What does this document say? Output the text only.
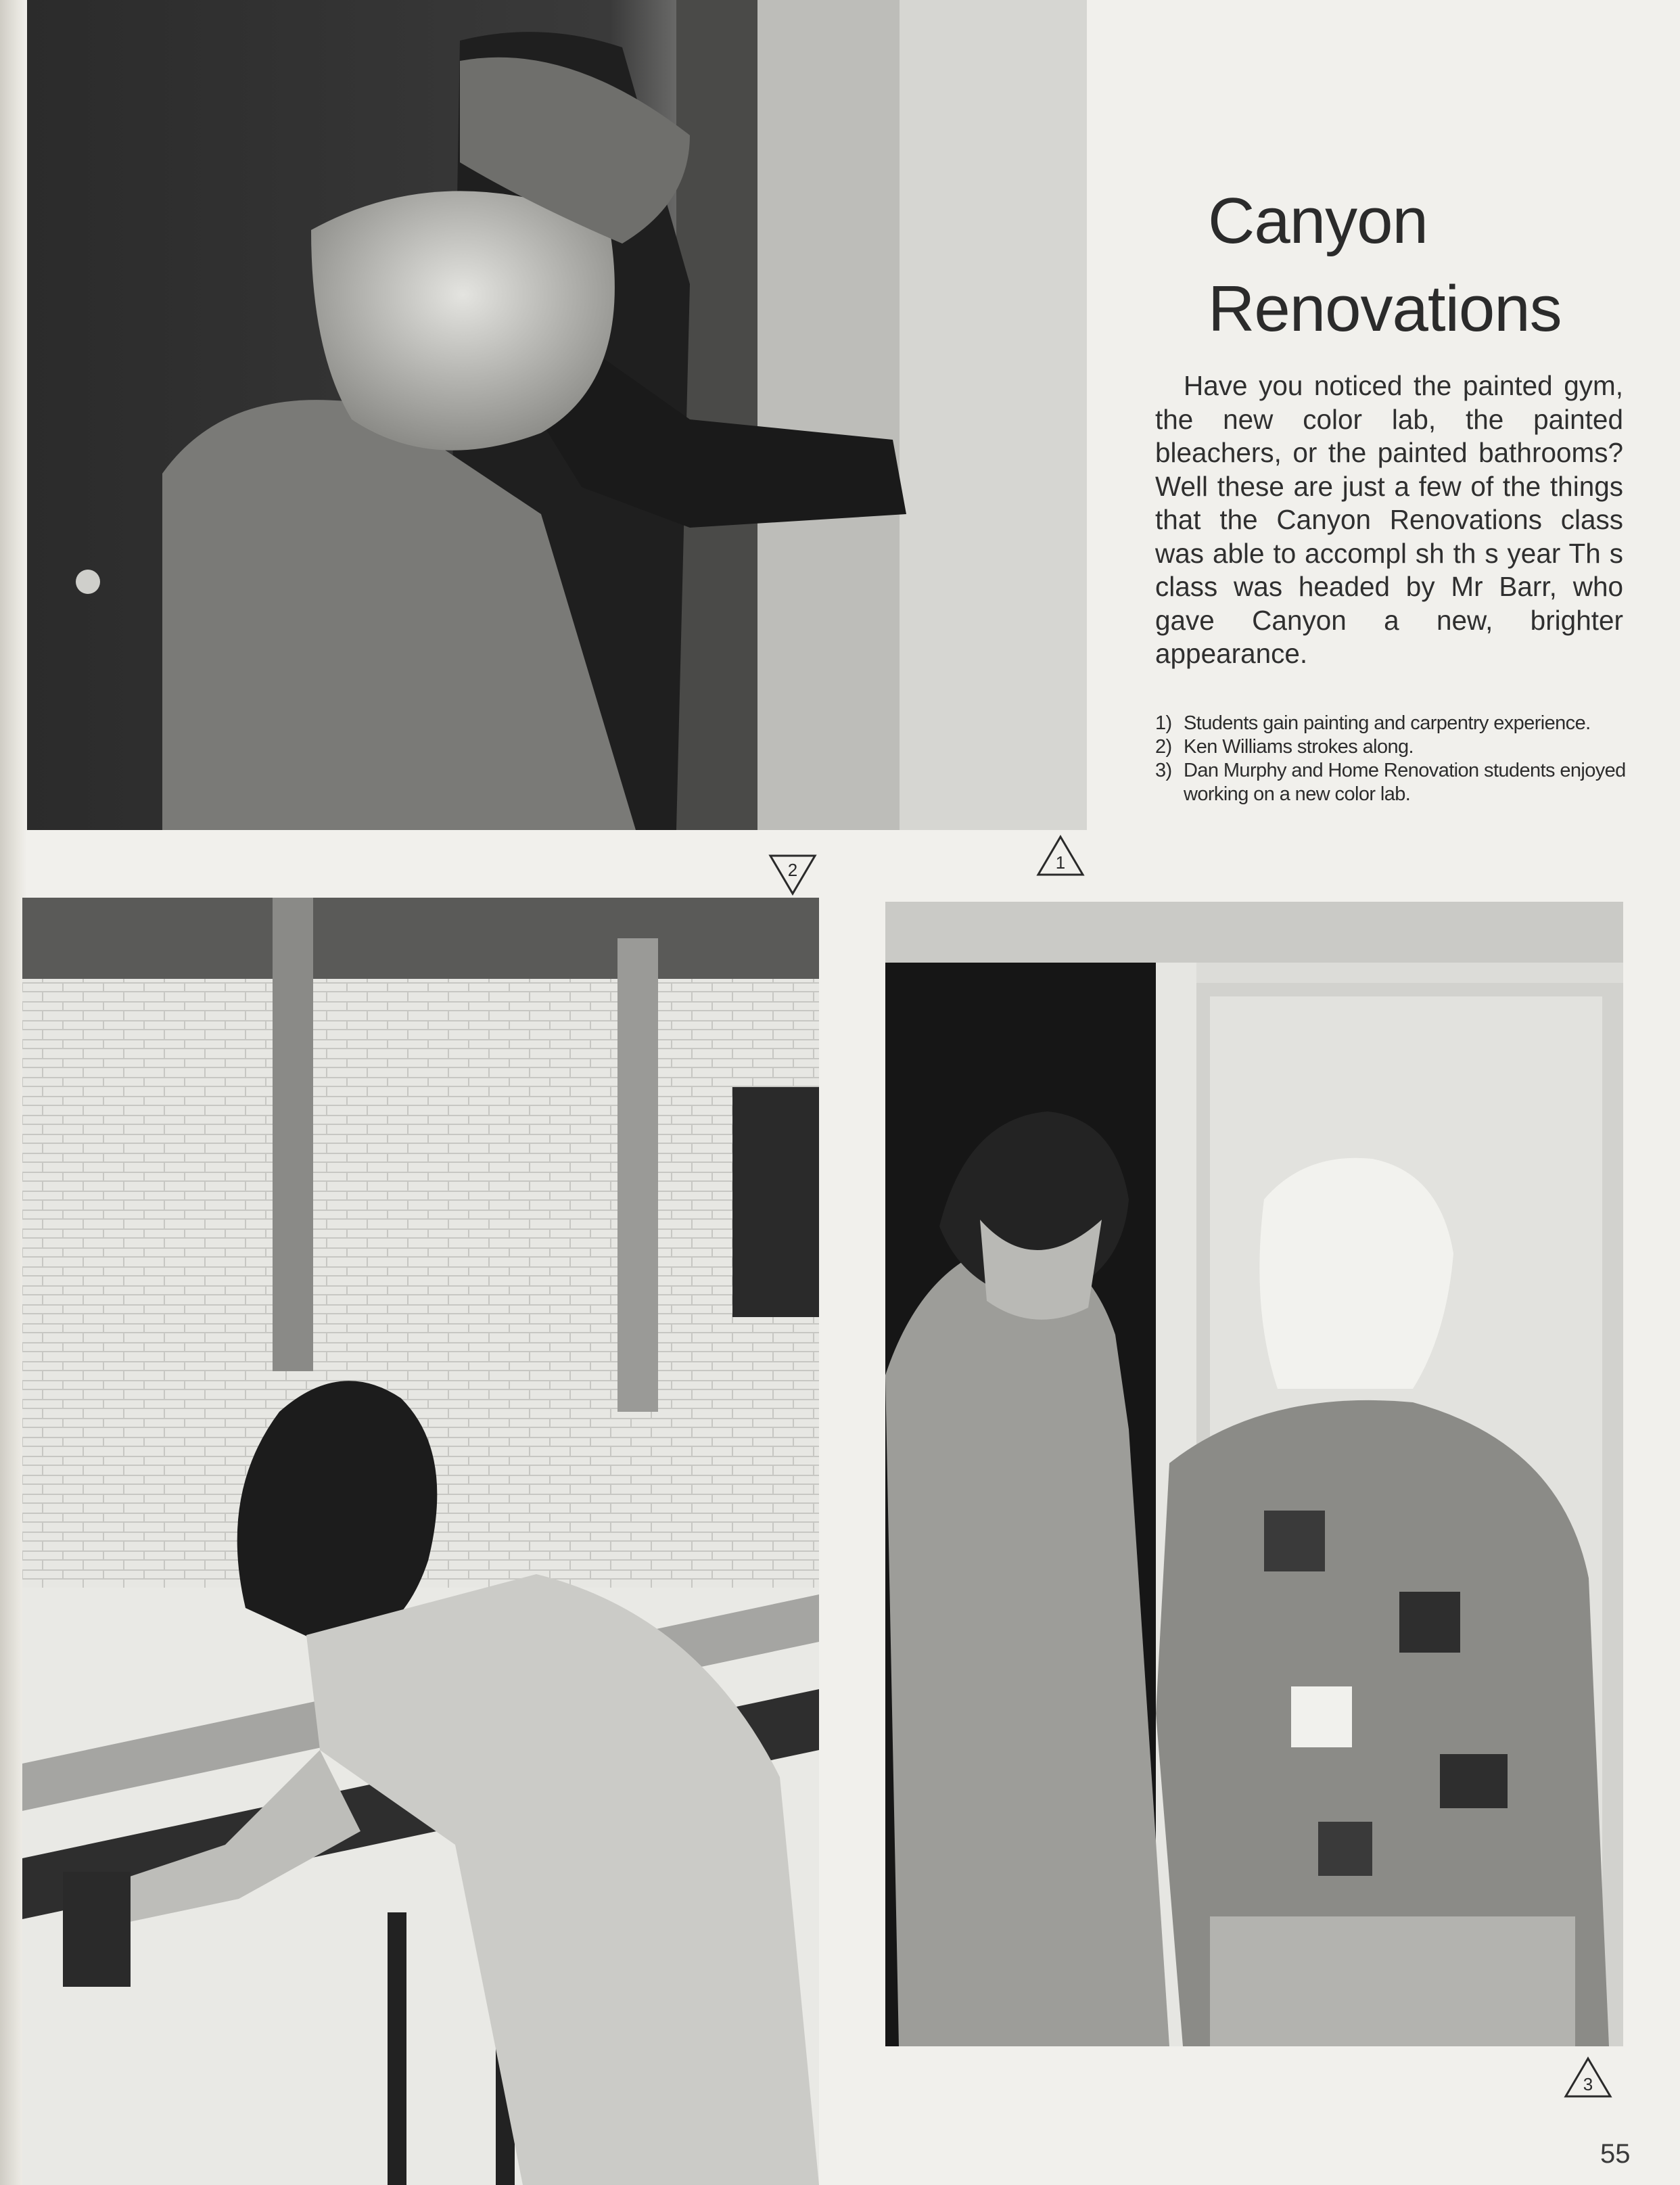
Canyon
Renovations

Have you noticed the painted gym, the new color lab, the painted bleachers, or the painted bathrooms? Well these are just a few of the things that the Canyon Renovations class was able to accompl sh th s year Th s class was headed by Mr Barr, who gave Canyon a new, brighter appearance.

1) Students gain painting and carpentry experience.
2) Ken Williams strokes along.
3) Dan Murphy and Home Renovation students enjoyed working on a new color lab.
2	1
3
55
